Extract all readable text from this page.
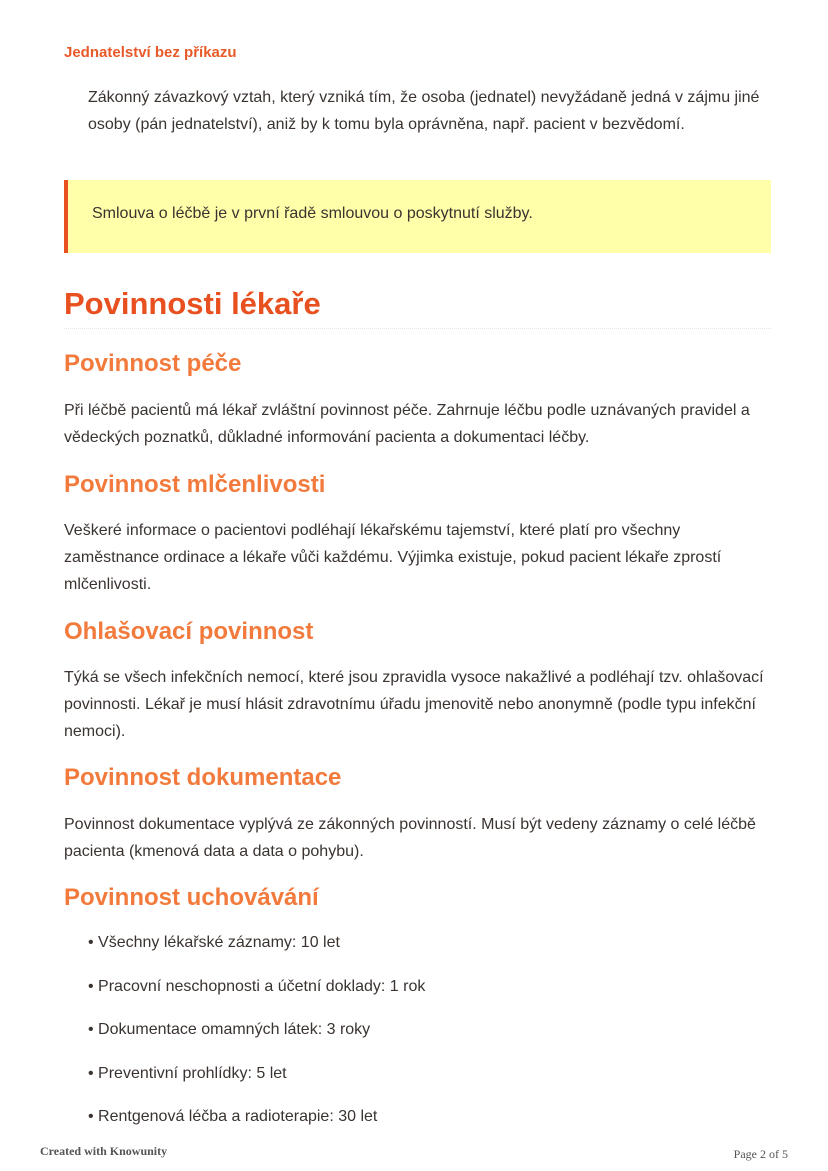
Jednatelství bez příkazu

Zákonný závazkový vztah, který vzniká tím, že osoba (jednatel) nevyžádaně jedná v zájmu jiné osoby (pán jednatelství), aniž by k tomu byla oprávněna, např. pacient v bezvědomí.

Smlouva o léčbě je v první řadě smlouvou o poskytnutí služby.
Povinnosti lékaře
Povinnost péče

Při léčbě pacientů má lékař zvláštní povinnost péče. Zahrnuje léčbu podle uznávaných pravidel a vědeckých poznatků, důkladné informování pacienta a dokumentaci léčby.

Povinnost mlčenlivosti

Veškeré informace o pacientovi podléhají lékařskému tajemství, které platí pro všechny zaměstnance ordinace a lékaře vůči každému. Výjimka existuje, pokud pacient lékaře zprostí mlčenlivosti.

Ohlašovací povinnost

Týká se všech infekčních nemocí, které jsou zpravidla vysoce nakažlivé a podléhají tzv. ohlašovací povinnosti. Lékař je musí hlásit zdravotnímu úřadu jmenovitě nebo anonymně (podle typu infekční nemoci).

Povinnost dokumentace

Povinnost dokumentace vyplývá ze zákonných povinností. Musí být vedeny záznamy o celé léčbě pacienta (kmenová data a data o pohybu).

Povinnost uchovávání
• Všechny lékařské záznamy: 10 let
• Pracovní neschopnosti a účetní doklady: 1 rok
• Dokumentace omamných látek: 3 roky
• Preventivní prohlídky: 5 let
• Rentgenová léčba a radioterapie: 30 let
Created with Knowunity	Page 2 of 5
